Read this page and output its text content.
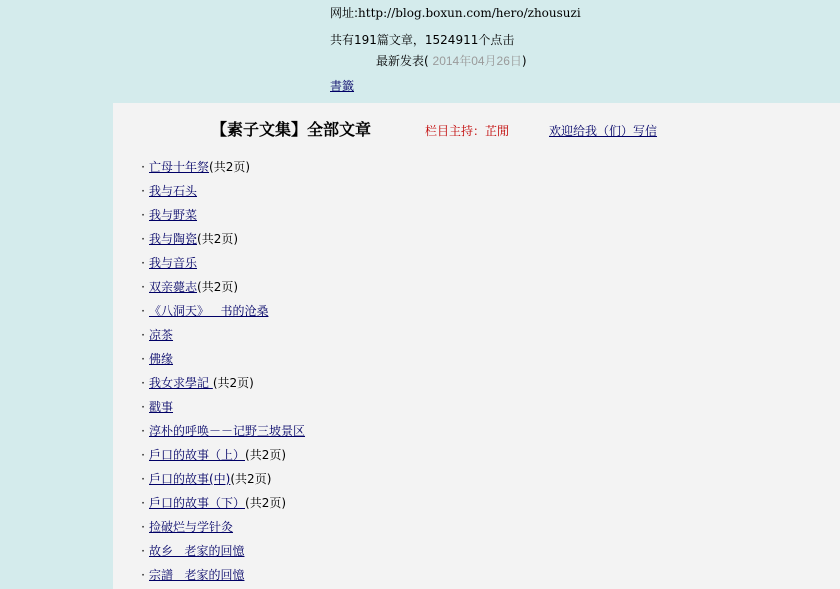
网址:http://blog.boxun.com/hero/zhousuzi
共有191篇文章，1524911个点击
最新发表( 2014年04月26日)
書籤
【素子文集】全部文章	栏目主持：芷閒	欢迎给我（们）写信
· 亡母十年祭(共2页)
· 我与石头
· 我与野菜
· 我与陶瓷(共2页)
· 我与音乐
· 双亲薨志(共2页)
· 《八洞天》   书的沧桑
· 凉茶
· 佛缘
· 我女求學記 (共2页)
· 戳事
· 淳朴的呼唤－－记野三坡景区
· 戶口的故事（上）(共2页)
· 戶口的故事(中)(共2页)
· 戶口的故事（下）(共2页)
· 捡破烂与学针灸
· 故乡   老家的回憶
· 宗譜   老家的回憶
